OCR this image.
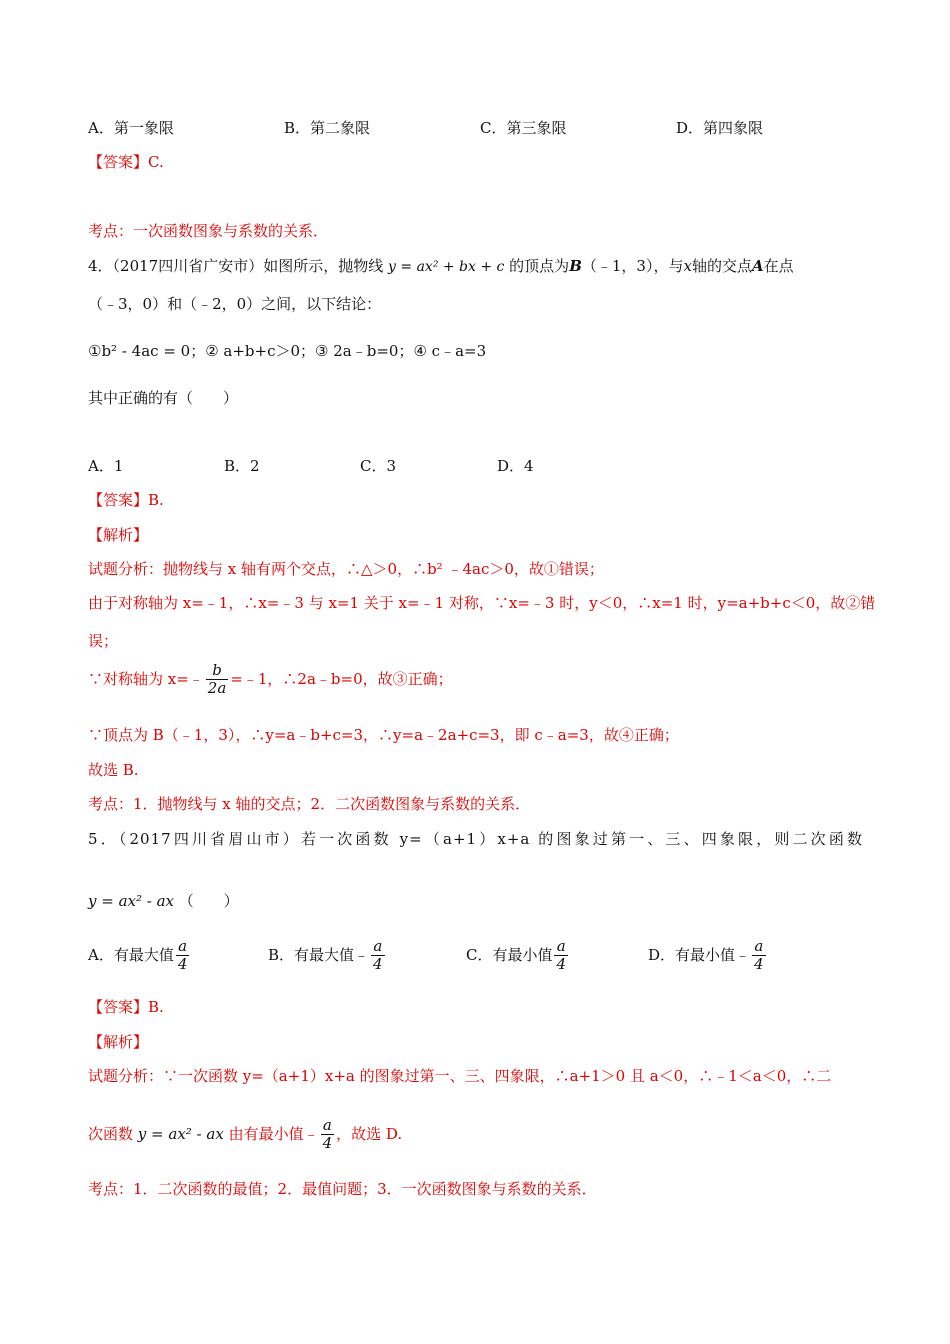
A．第一象限	B．第二象限	C．第三象限	D．第四象限
【答案】C.
考点：一次函数图象与系数的关系．
4．（2017四川省广安市）如图所示，抛物线 y = ax² + bx + c 的顶点为B（﹣1，3），与x轴的交点A在点
（﹣3，0）和（﹣2，0）之间，以下结论：
①b² - 4ac = 0；② a+b+c＞0；③ 2a﹣b=0；④ c﹣a=3
其中正确的有（　　）
A．1	B．2	C．3	D．4
【答案】B.
【解析】
试题分析：抛物线与 x 轴有两个交点，∴△＞0，∴b² ﹣4ac＞0，故①错误；
由于对称轴为 x=﹣1，∴x=﹣3 与 x=1 关于 x=﹣1 对称，∵x=﹣3 时，y＜0，∴x=1 时，y=a+b+c＜0，故②错
误；
∵对称轴为 x=﹣ $\frac{b}{2a}$ =﹣1，∴2a﹣b=0，故③正确；
∵顶点为 B（﹣1，3），∴y=a﹣b+c=3，∴y=a﹣2a+c=3，即 c﹣a=3，故④正确；
故选 B.
考点：1．抛物线与 x 轴的交点；2．二次函数图象与系数的关系．
5．（2017四川省眉山市）若一次函数 y=（a+1）x+a 的图象过第一、三、四象限，则二次函数
y = ax² - ax （　　）
A．有最大值 $\frac{a}{4}$	B．有最大值﹣ $\frac{a}{4}$	C．有最小值 $\frac{a}{4}$	D．有最小值﹣ $\frac{a}{4}$
【答案】B.
【解析】
试题分析：∵一次函数 y=（a+1）x+a 的图象过第一、三、四象限，∴a+1＞0 且 a＜0，∴﹣1＜a＜0，∴二
次函数 y = ax² - ax 由有最小值﹣ $\frac{a}{4}$ ，故选 D.
考点：1．二次函数的最值；2．最值问题；3．一次函数图象与系数的关系．
